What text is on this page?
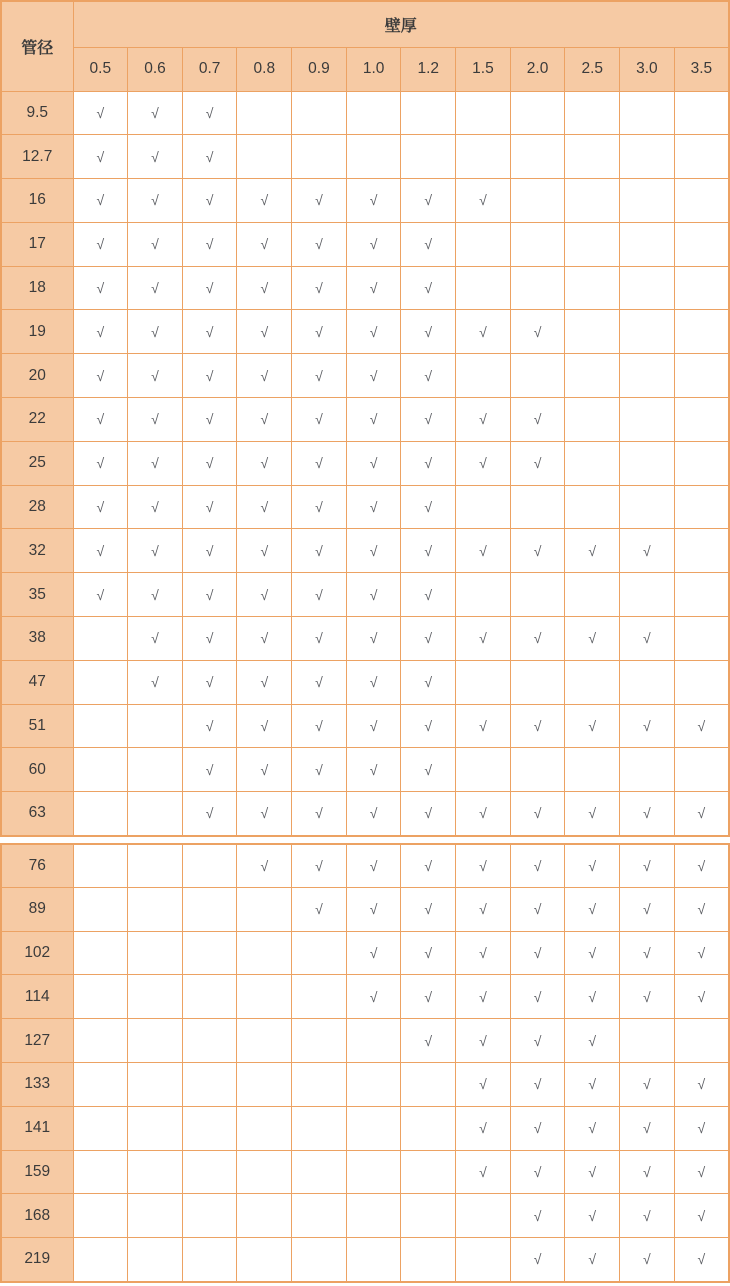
管径	壁厚											
	0.5	0.6	0.7	0.8	0.9	1.0	1.2	1.5	2.0	2.5	3.0	3.5
9.5	√	√	√									
12.7	√	√	√									
16	√	√	√	√	√	√	√	√				
17	√	√	√	√	√	√	√					
18	√	√	√	√	√	√	√					
19	√	√	√	√	√	√	√	√	√			
20	√	√	√	√	√	√	√					
22	√	√	√	√	√	√	√	√	√			
25	√	√	√	√	√	√	√	√	√			
28	√	√	√	√	√	√	√					
32	√	√	√	√	√	√	√	√	√	√	√	
35	√	√	√	√	√	√	√					
38		√	√	√	√	√	√	√	√	√	√	
47		√	√	√	√	√	√					
51			√	√	√	√	√	√	√	√	√	√
60			√	√	√	√	√					
63			√	√	√	√	√	√	√	√	√	√
76				√	√	√	√	√	√	√	√	√
89					√	√	√	√	√	√	√	√
102						√	√	√	√	√	√	√
114						√	√	√	√	√	√	√
127							√	√	√	√		
133								√	√	√	√	√
141								√	√	√	√	√
159								√	√	√	√	√
168									√	√	√	√
219									√	√	√	√
